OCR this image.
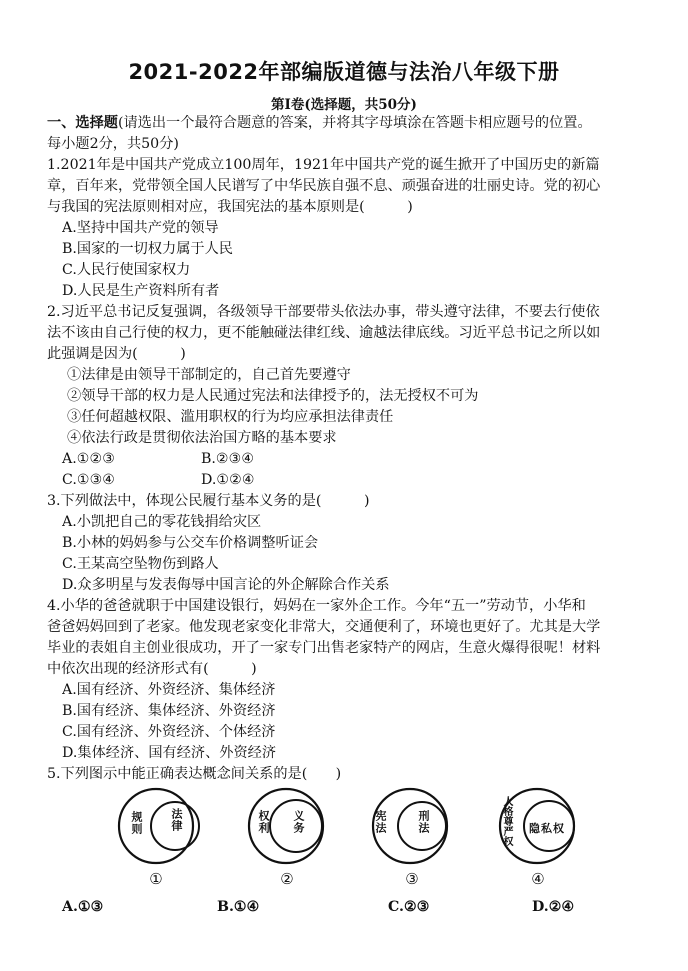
2021-2022年部编版道德与法治八年级下册
第Ⅰ卷(选择题，共50分)
一、选择题(请选出一个最符合题意的答案，并将其字母填涂在答题卡相应题号的位置。
每小题2分，共50分)
1.2021年是中国共产党成立100周年，1921年中国共产党的诞生掀开了中国历史的新篇
章，百年来，党带领全国人民谱写了中华民族自强不息、顽强奋进的壮丽史诗。党的初心
与我国的宪法原则相对应，我国宪法的基本原则是(　　　)
A.坚持中国共产党的领导
B.国家的一切权力属于人民
C.人民行使国家权力
D.人民是生产资料所有者
2.习近平总书记反复强调，各级领导干部要带头依法办事，带头遵守法律，不要去行使依
法不该由自己行使的权力，更不能触碰法律红线、逾越法律底线。习近平总书记之所以如
此强调是因为(　　　)
①法律是由领导干部制定的，自己首先要遵守
②领导干部的权力是人民通过宪法和法律授予的，法无授权不可为
③任何超越权限、滥用职权的行为均应承担法律责任
④依法行政是贯彻依法治国方略的基本要求
A.①②③	B.②③④
C.①③④	D.①②④
3.下列做法中，体现公民履行基本义务的是(　　　)
A.小凯把自己的零花钱捐给灾区
B.小林的妈妈参与公交车价格调整听证会
C.王某高空坠物伤到路人
D.众多明星与发表侮辱中国言论的外企解除合作关系
4.小华的爸爸就职于中国建设银行，妈妈在一家外企工作。今年“五一”劳动节，小华和
爸爸妈妈回到了老家。他发现老家变化非常大，交通便利了，环境也更好了。尤其是大学
毕业的表姐自主创业很成功，开了一家专门出售老家特产的网店，生意火爆得很呢！材料
中依次出现的经济形式有(　　　)
A.国有经济、外资经济、集体经济
B.国有经济、集体经济、外资经济
C.国有经济、外资经济、个体经济
D.集体经济、国有经济、外资经济
5.下列图示中能正确表达概念间关系的是(　　)
规则 法律
①
权利 义务
②
宪法	刑法
③
人格尊严权 隐私权
④
A.①③	B.①④	C.②③	D.②④
